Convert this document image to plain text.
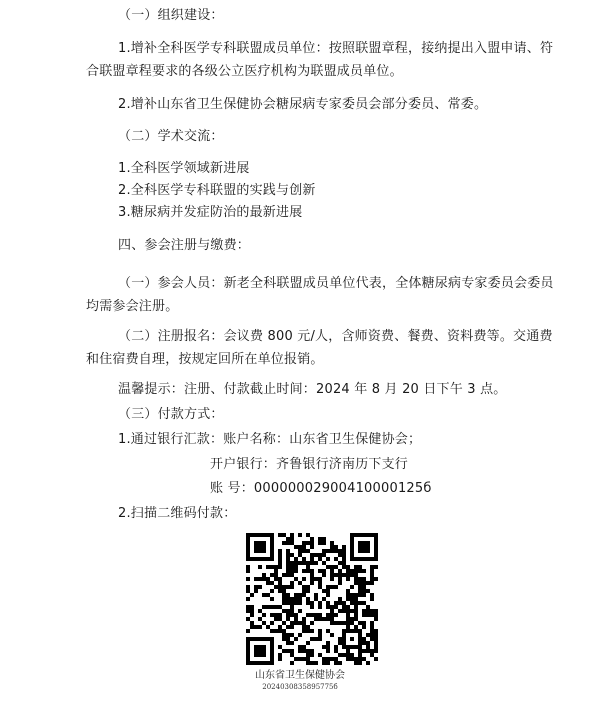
（一）组织建设：
1.增补全科医学专科联盟成员单位：按照联盟章程，接纳提出入盟申请、符
合联盟章程要求的各级公立医疗机构为联盟成员单位。
2.增补山东省卫生保健协会糖尿病专家委员会部分委员、常委。
（二）学术交流：
1.全科医学领域新进展
2.全科医学专科联盟的实践与创新
3.糖尿病并发症防治的最新进展
四、参会注册与缴费：
（一）参会人员：新老全科联盟成员单位代表，全体糖尿病专家委员会委员
均需参会注册。
（二）注册报名：会议费 800 元/人，含师资费、餐费、资料费等。交通费
和住宿费自理，按规定回所在单位报销。
温馨提示：注册、付款截止时间：2024 年 8 月 20 日下午 3 点。
（三）付款方式：
1.通过银行汇款：账户名称：山东省卫生保健协会；
开户银行：齐鲁银行济南历下支行
账 号：00000002900410000125б
2.扫描二维码付款：
山东省卫生保健协会
2024030835895775б
